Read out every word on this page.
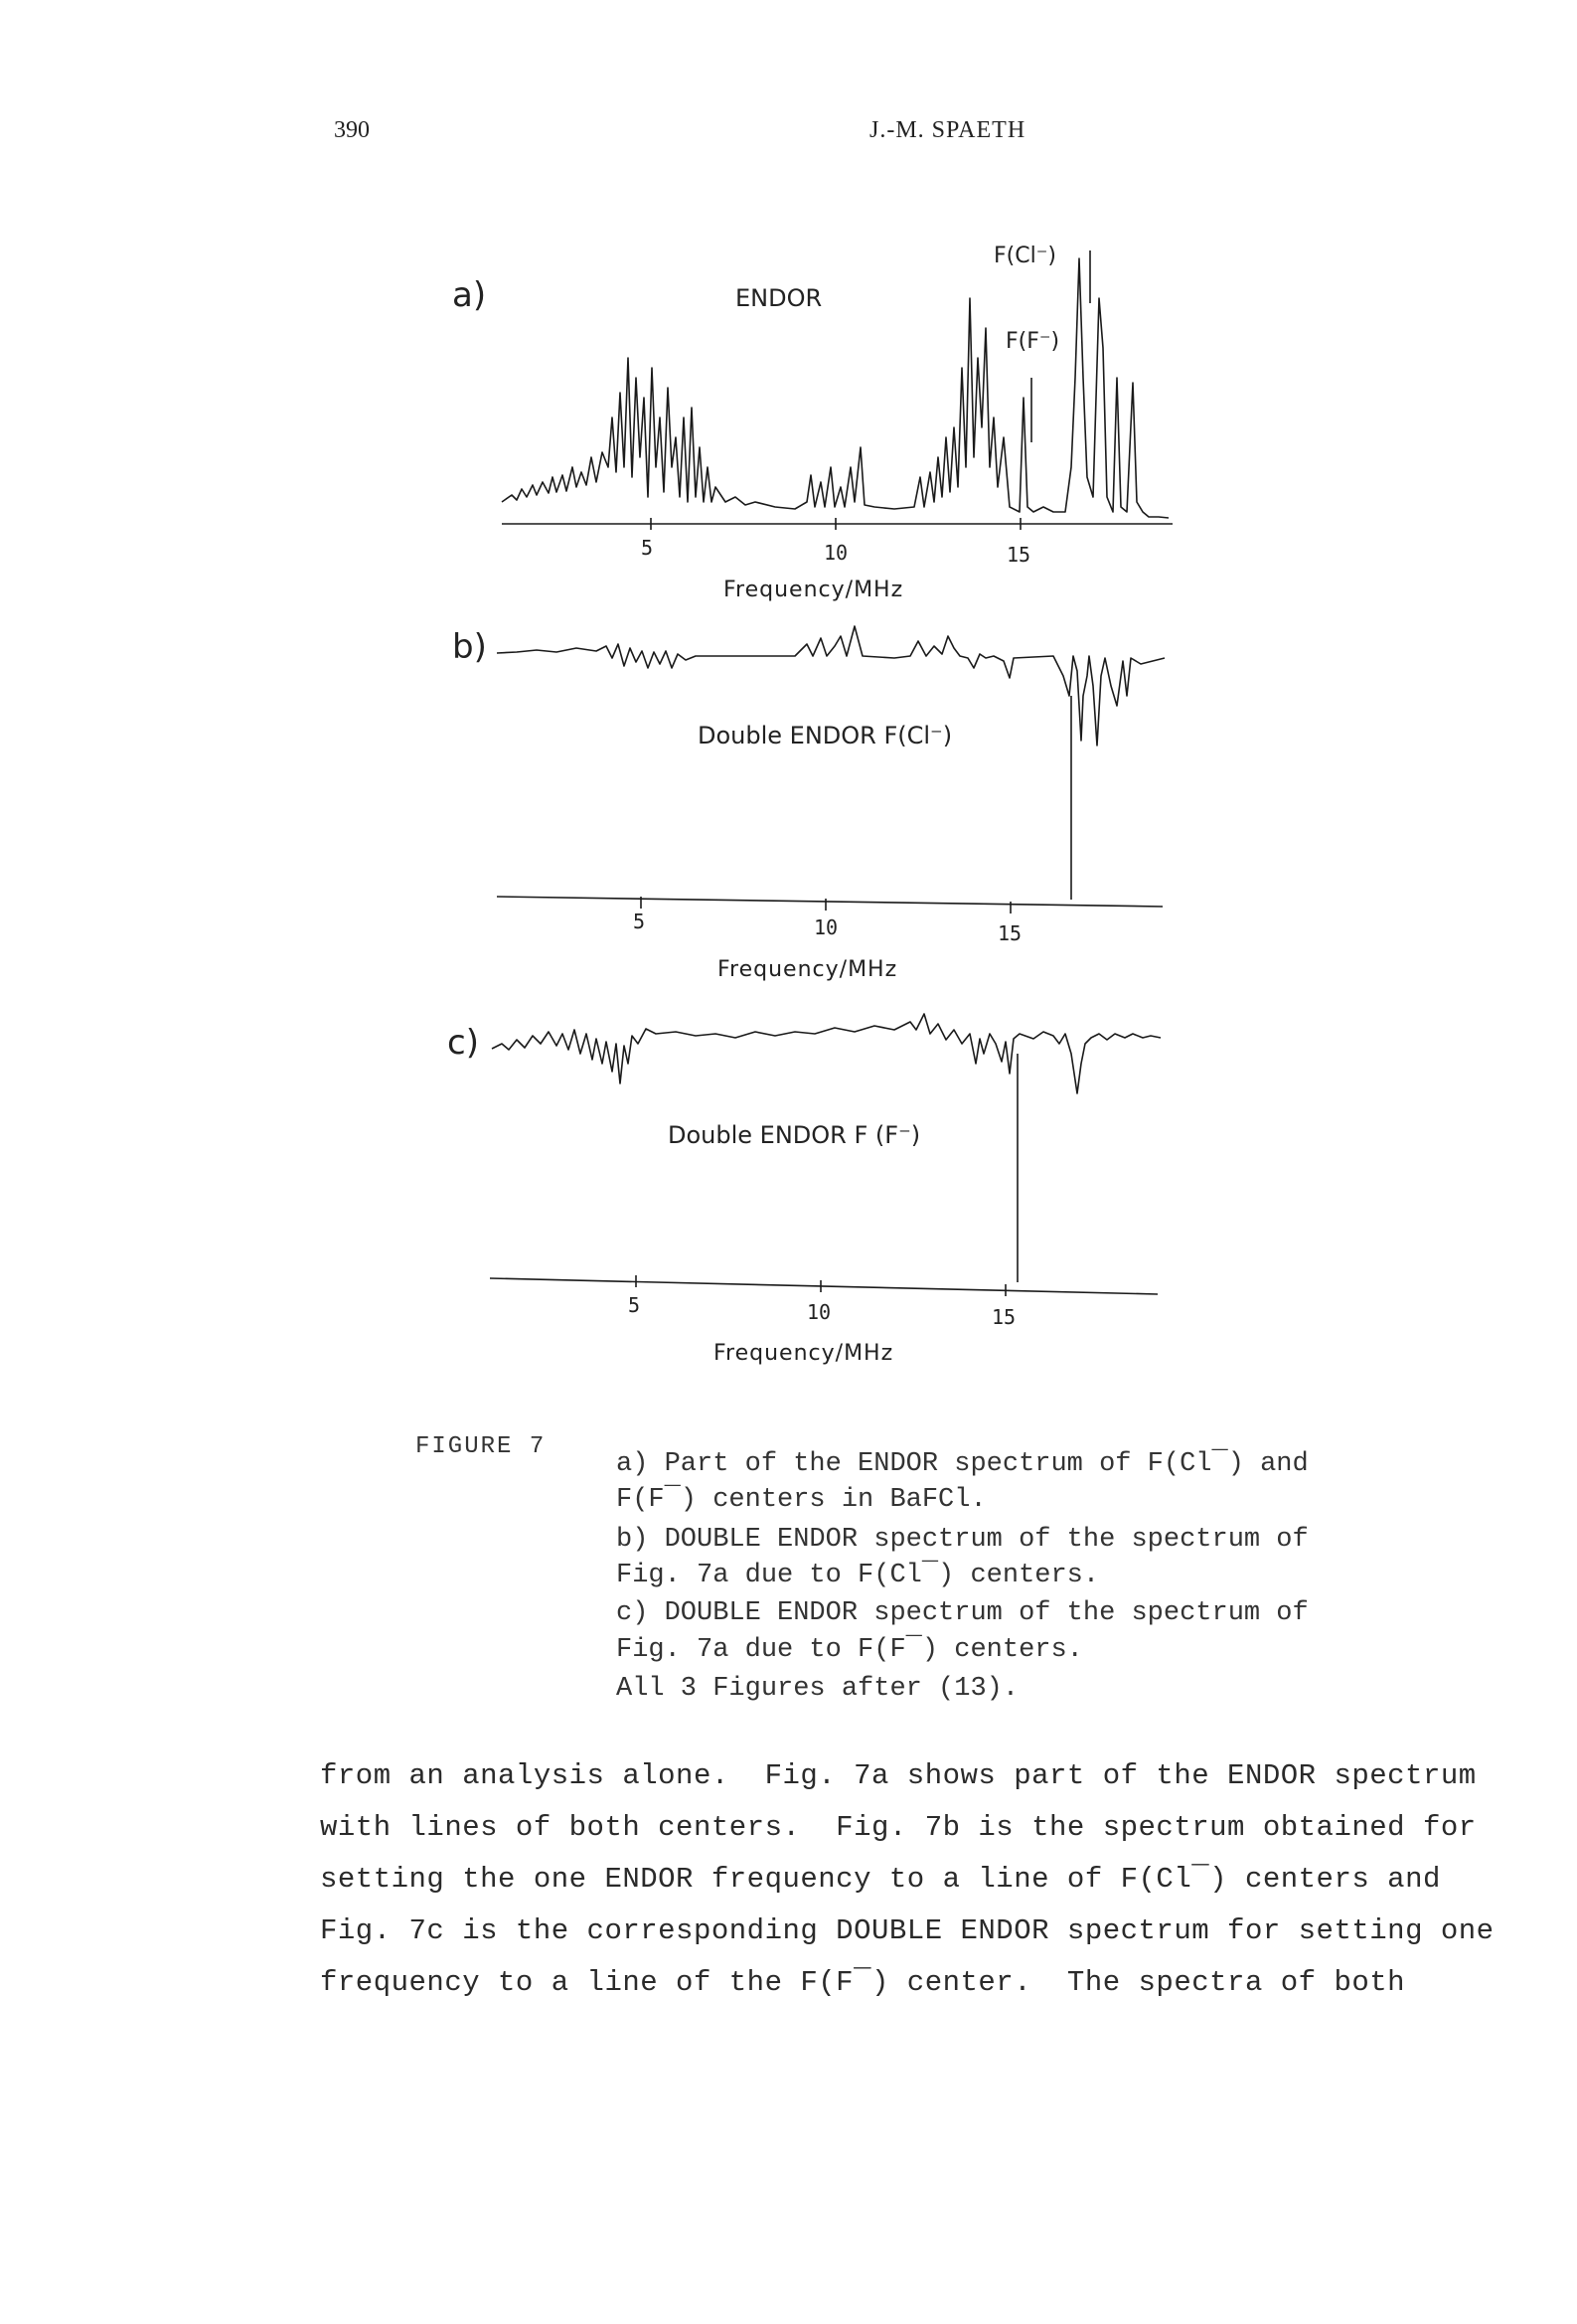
390	J.-M. SPAETH
a)	ENDOR
F(Cl⁻)
F(F⁻)
5	10	15
Frequency/MHz
b)
Double ENDOR F(Cl⁻)
5	10	15
Frequency/MHz
c)
Double ENDOR F (F⁻)
5	10	15
Frequency/MHz
FIGURE 7
a) Part of the ENDOR spectrum of F(Cl¯) and
F(F¯) centers in BaFCl.
b) DOUBLE ENDOR spectrum of the spectrum of
Fig. 7a due to F(Cl¯) centers.
c) DOUBLE ENDOR spectrum of the spectrum of
Fig. 7a due to F(F¯) centers.
All 3 Figures after (13).
from an analysis alone.  Fig. 7a shows part of the ENDOR spectrum
with lines of both centers.  Fig. 7b is the spectrum obtained for
setting the one ENDOR frequency to a line of F(Cl¯) centers and
Fig. 7c is the corresponding DOUBLE ENDOR spectrum for setting one
frequency to a line of the F(F¯) center.  The spectra of both
